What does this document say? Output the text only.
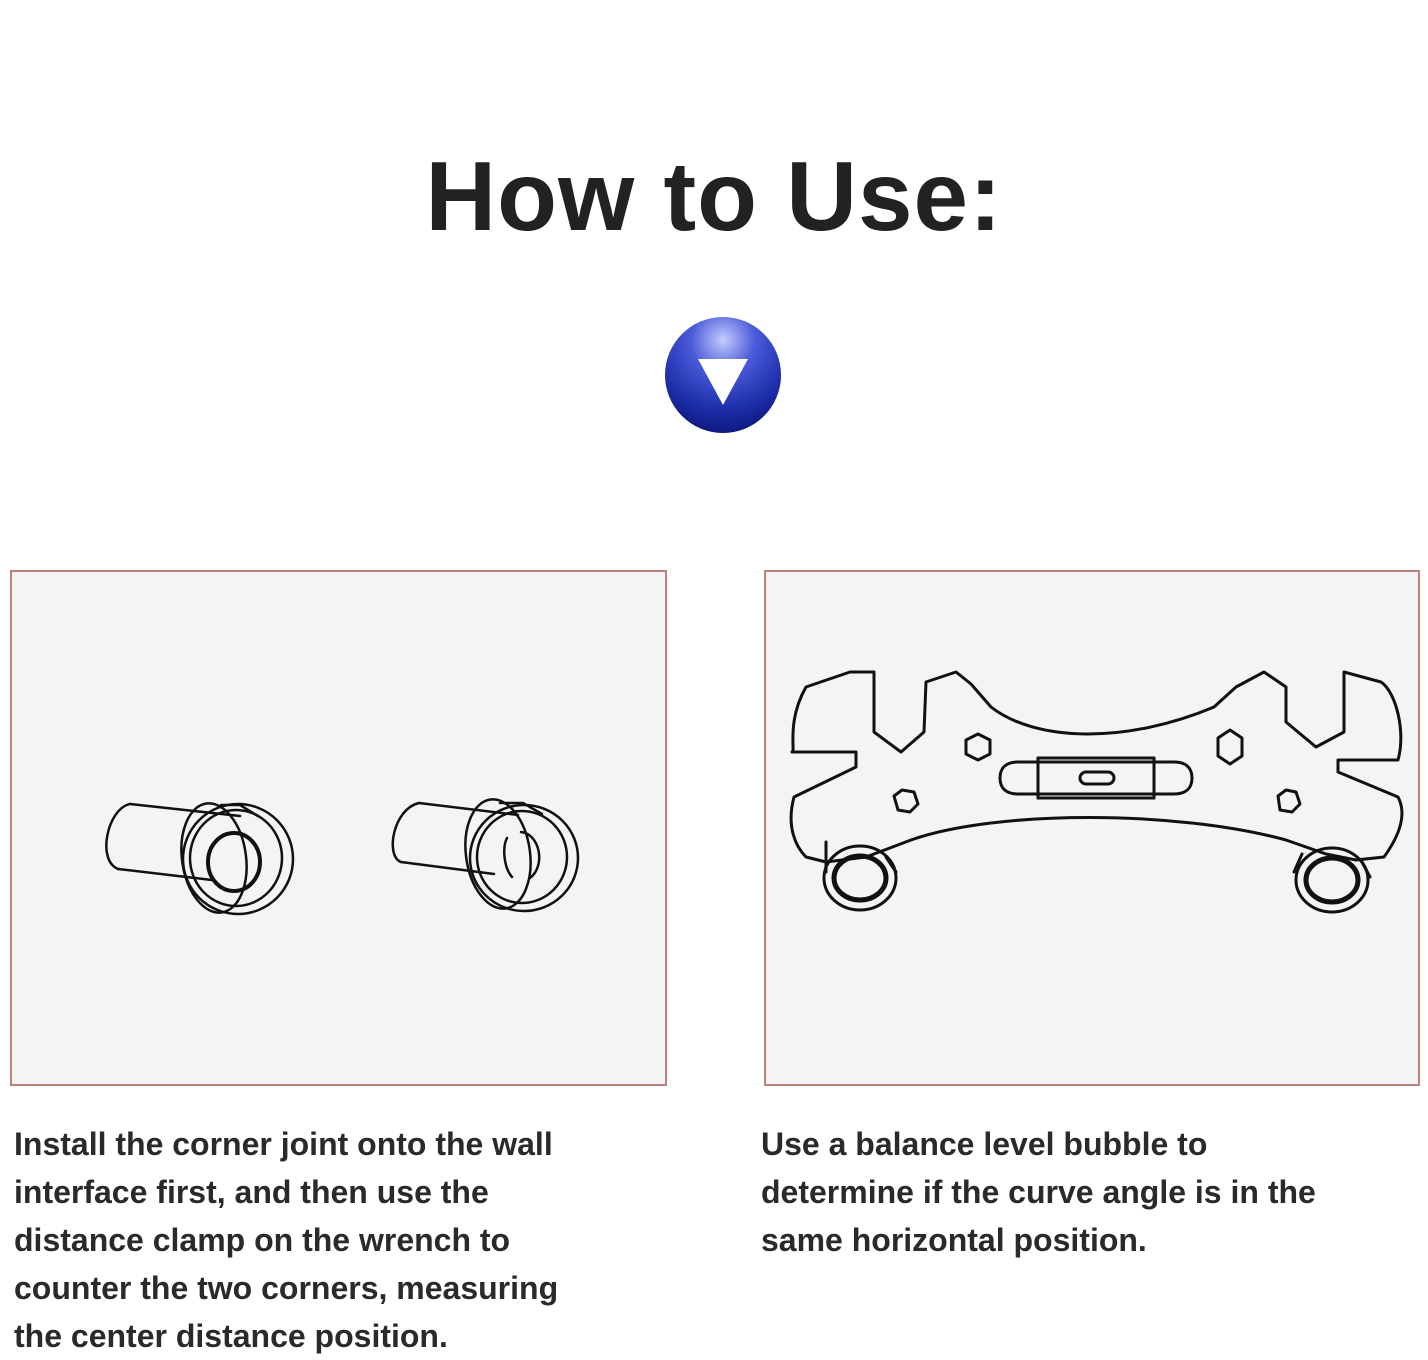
How to Use:

Install the corner joint onto the wall
interface first, and then use the
distance clamp on the wrench to
counter the two corners, measuring
the center distance position.

Use a balance level bubble to
determine if the curve angle is in the
same horizontal position.
